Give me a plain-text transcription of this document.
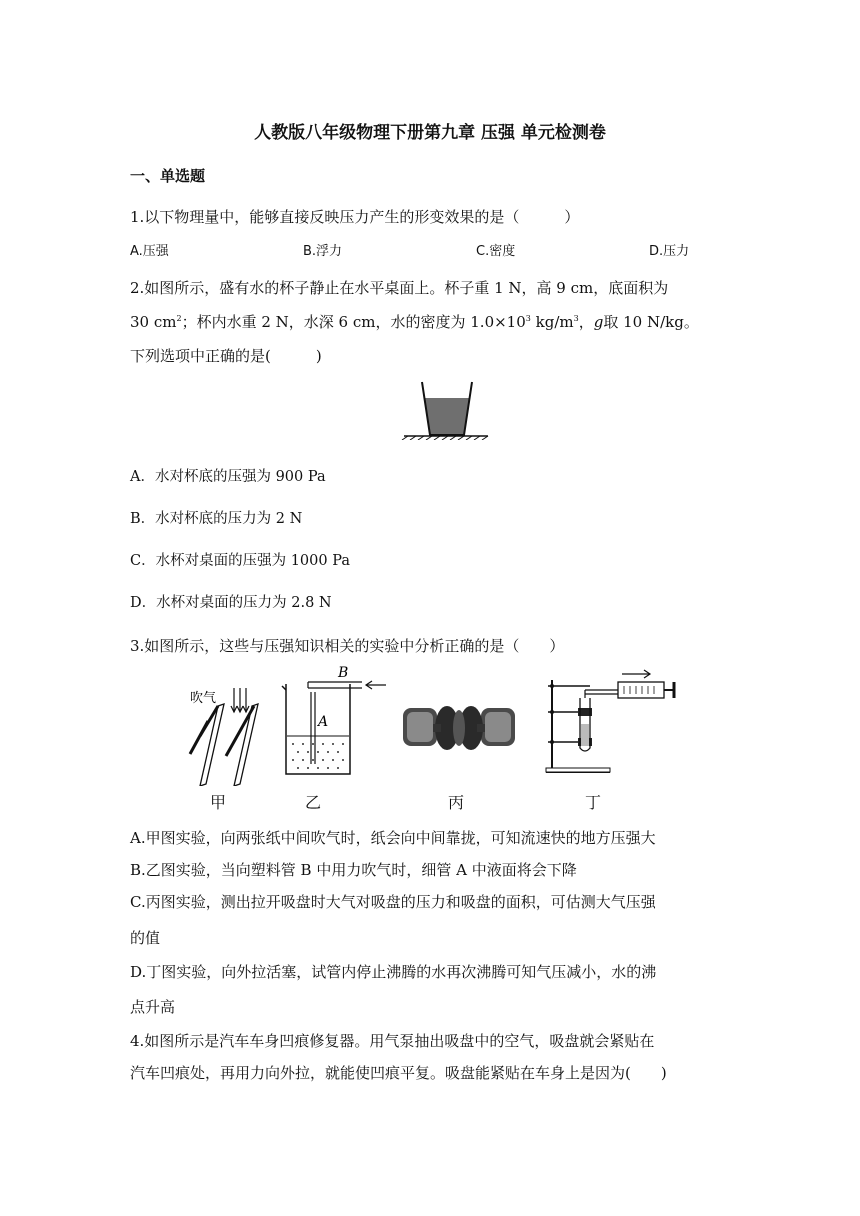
人教版八年级物理下册第九章 压强 单元检测卷
一、单选题
1.以下物理量中，能够直接反映压力产生的形变效果的是（　　　）
A.压强	B.浮力	C.密度	D.压力
2.如图所示，盛有水的杯子静止在水平桌面上。杯子重 1 N，高 9 cm，底面积为
30 $cm^2$；杯内水重 2 N，水深 6 cm，水的密度为 $1.0\times 10^3$ $kg/m^3$，g取 10 N/kg。
下列选项中正确的是(　　　)
A．水对杯底的压强为 900 Pa
B．水对杯底的压力为 2 N
C．水杯对桌面的压强为 1000 Pa
D．水杯对桌面的压力为 2.8 N
3.如图所示，这些与压强知识相关的实验中分析正确的是（　　）
吹气
B
A
甲	乙	丙	丁
A.甲图实验，向两张纸中间吹气时，纸会向中间靠拢，可知流速快的地方压强大
B.乙图实验，当向塑料管 B 中用力吹气时，细管 A 中液面将会下降
C.丙图实验，测出拉开吸盘时大气对吸盘的压力和吸盘的面积，可估测大气压强
的值
D.丁图实验，向外拉活塞，试管内停止沸腾的水再次沸腾可知气压减小，水的沸
点升高
4.如图所示是汽车车身凹痕修复器。用气泵抽出吸盘中的空气，吸盘就会紧贴在
汽车凹痕处，再用力向外拉，就能使凹痕平复。吸盘能紧贴在车身上是因为(　　)
